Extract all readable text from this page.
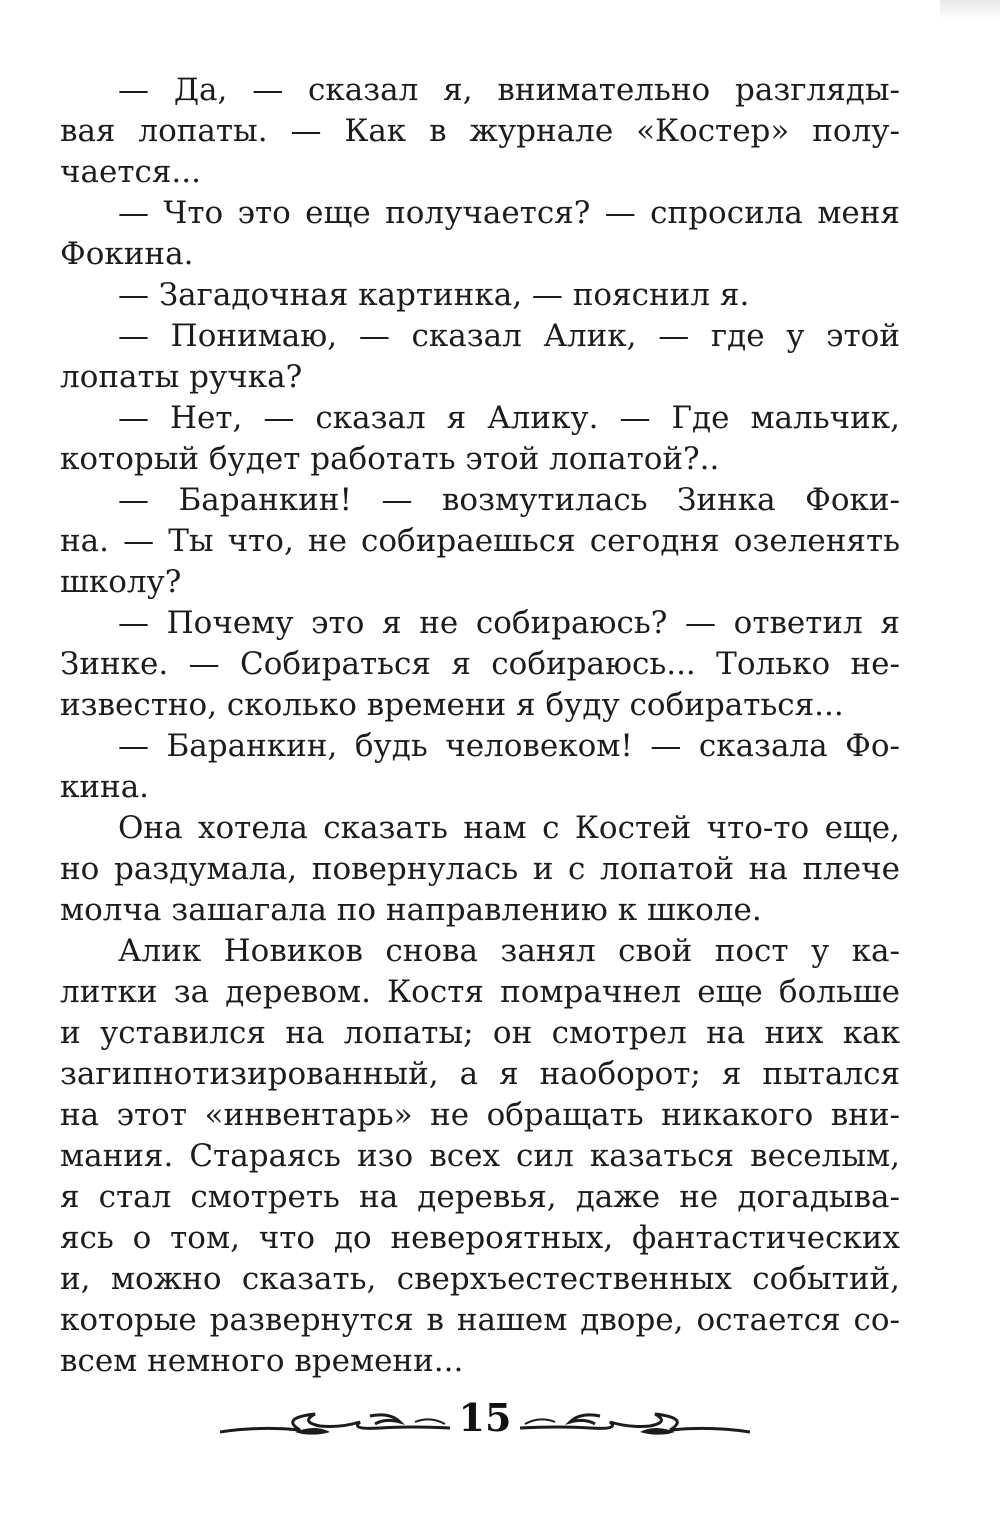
— Да, — сказал я, внимательно разгляды-
вая лопаты. — Как в журнале «Костер» полу-
чается...
— Что это еще получается? — спросила меня
Фокина.
— Загадочная картинка, — пояснил я.
— Понимаю, — сказал Алик, — где у этой
лопаты ручка?
— Нет, — сказал я Алику. — Где мальчик,
который будет работать этой лопатой?..
— Баранкин! — возмутилась Зинка Фоки-
на. — Ты что, не собираешься сегодня озеленять
школу?
— Почему это я не собираюсь? — ответил я
Зинке. — Собираться я собираюсь... Только не-
известно, сколько времени я буду собираться...
— Баранкин, будь человеком! — сказала Фо-
кина.
Она хотела сказать нам с Костей что-то еще,
но раздумала, повернулась и с лопатой на плече
молча зашагала по направлению к школе.
Алик Новиков снова занял свой пост у ка-
литки за деревом. Костя помрачнел еще больше
и уставился на лопаты; он смотрел на них как
загипнотизированный, а я наоборот; я пытался
на этот «инвентарь» не обращать никакого вни-
мания. Стараясь изо всех сил казаться веселым,
я стал смотреть на деревья, даже не догадыва-
ясь о том, что до невероятных, фантастических
и, можно сказать, сверхъестественных событий,
которые развернутся в нашем дворе, остается со-
всем немного времени...
15
